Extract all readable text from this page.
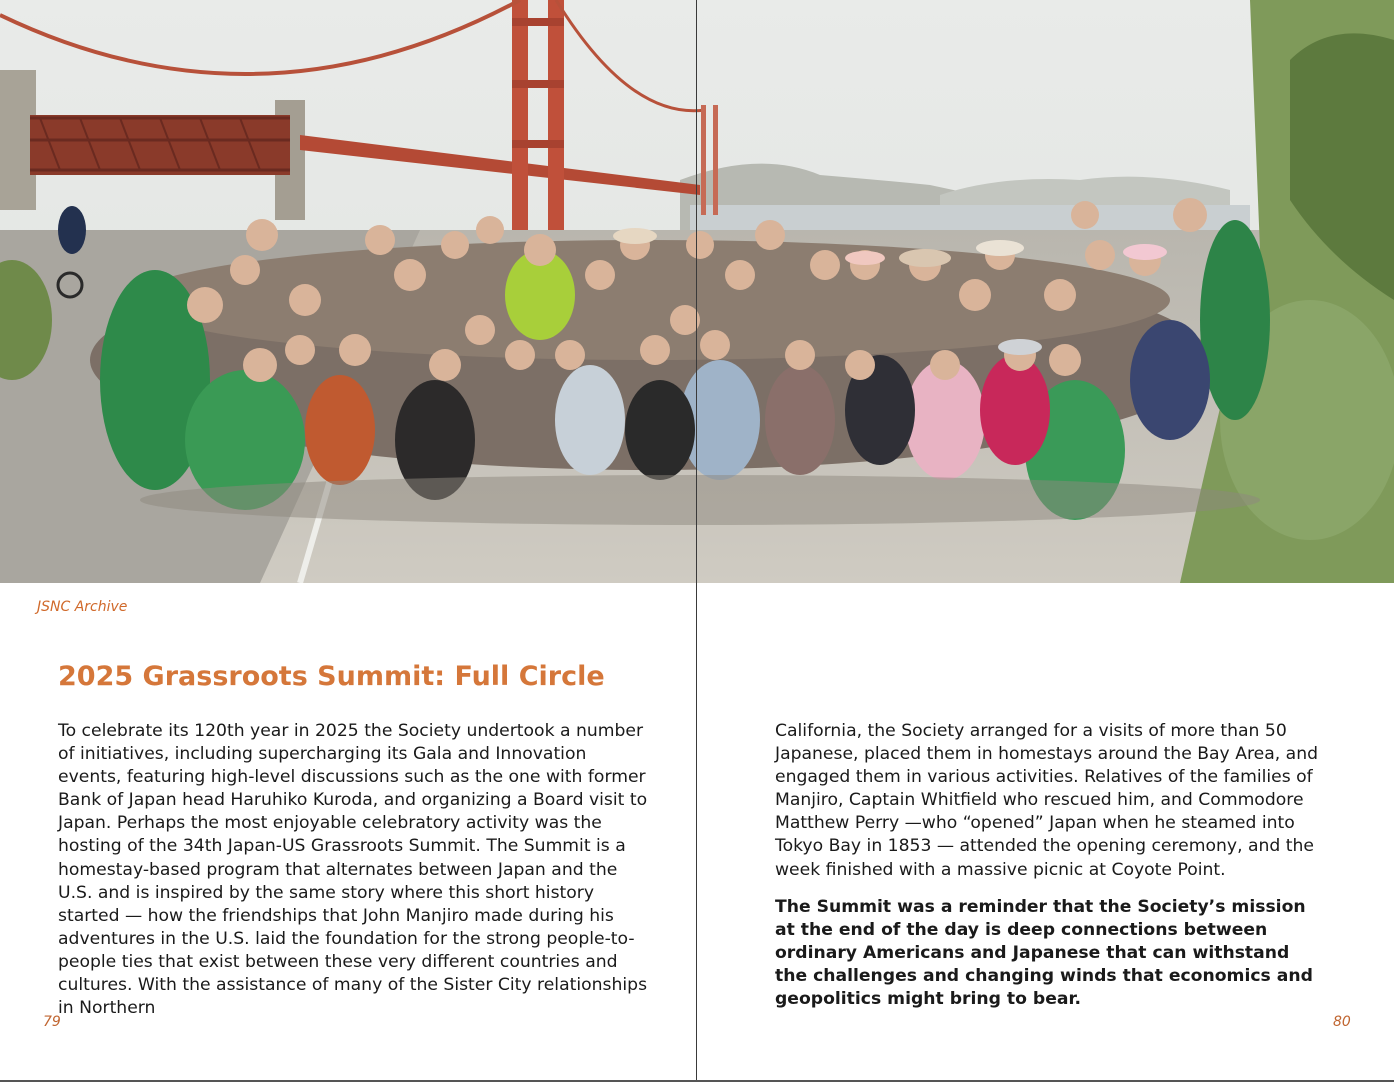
JSNC Archive
2025 Grassroots Summit: Full Circle

To celebrate its 120th year in 2025 the Society undertook a number of initiatives, including supercharging its Gala and Innovation events, featuring high-level discussions such as the one with former Bank of Japan head Haruhiko Kuroda, and organizing a Board visit to Japan. Perhaps the most enjoyable celebratory activity was the hosting of the 34th Japan-US Grassroots Summit. The Summit is a homestay-based program that alternates between Japan and the U.S. and is inspired by the same story where this short history started — how the friendships that John Manjiro made during his adventures in the U.S. laid the foundation for the strong people-to-people ties that exist between these very different countries and cultures. With the assistance of many of the Sister City relationships in Northern

California, the Society arranged for a visits of more than 50 Japanese, placed them in homestays around the Bay Area, and engaged them in various activities. Relatives of the families of Manjiro, Captain Whitfield who rescued him, and Commodore Matthew Perry —who “opened” Japan when he steamed into Tokyo Bay in 1853 — attended the opening ceremony, and the week finished with a massive picnic at Coyote Point.

The Summit was a reminder that the Society’s mission at the end of the day is deep connections between ordinary Americans and Japanese that can withstand the challenges and changing winds that economics and geopolitics might bring to bear.

79	80
